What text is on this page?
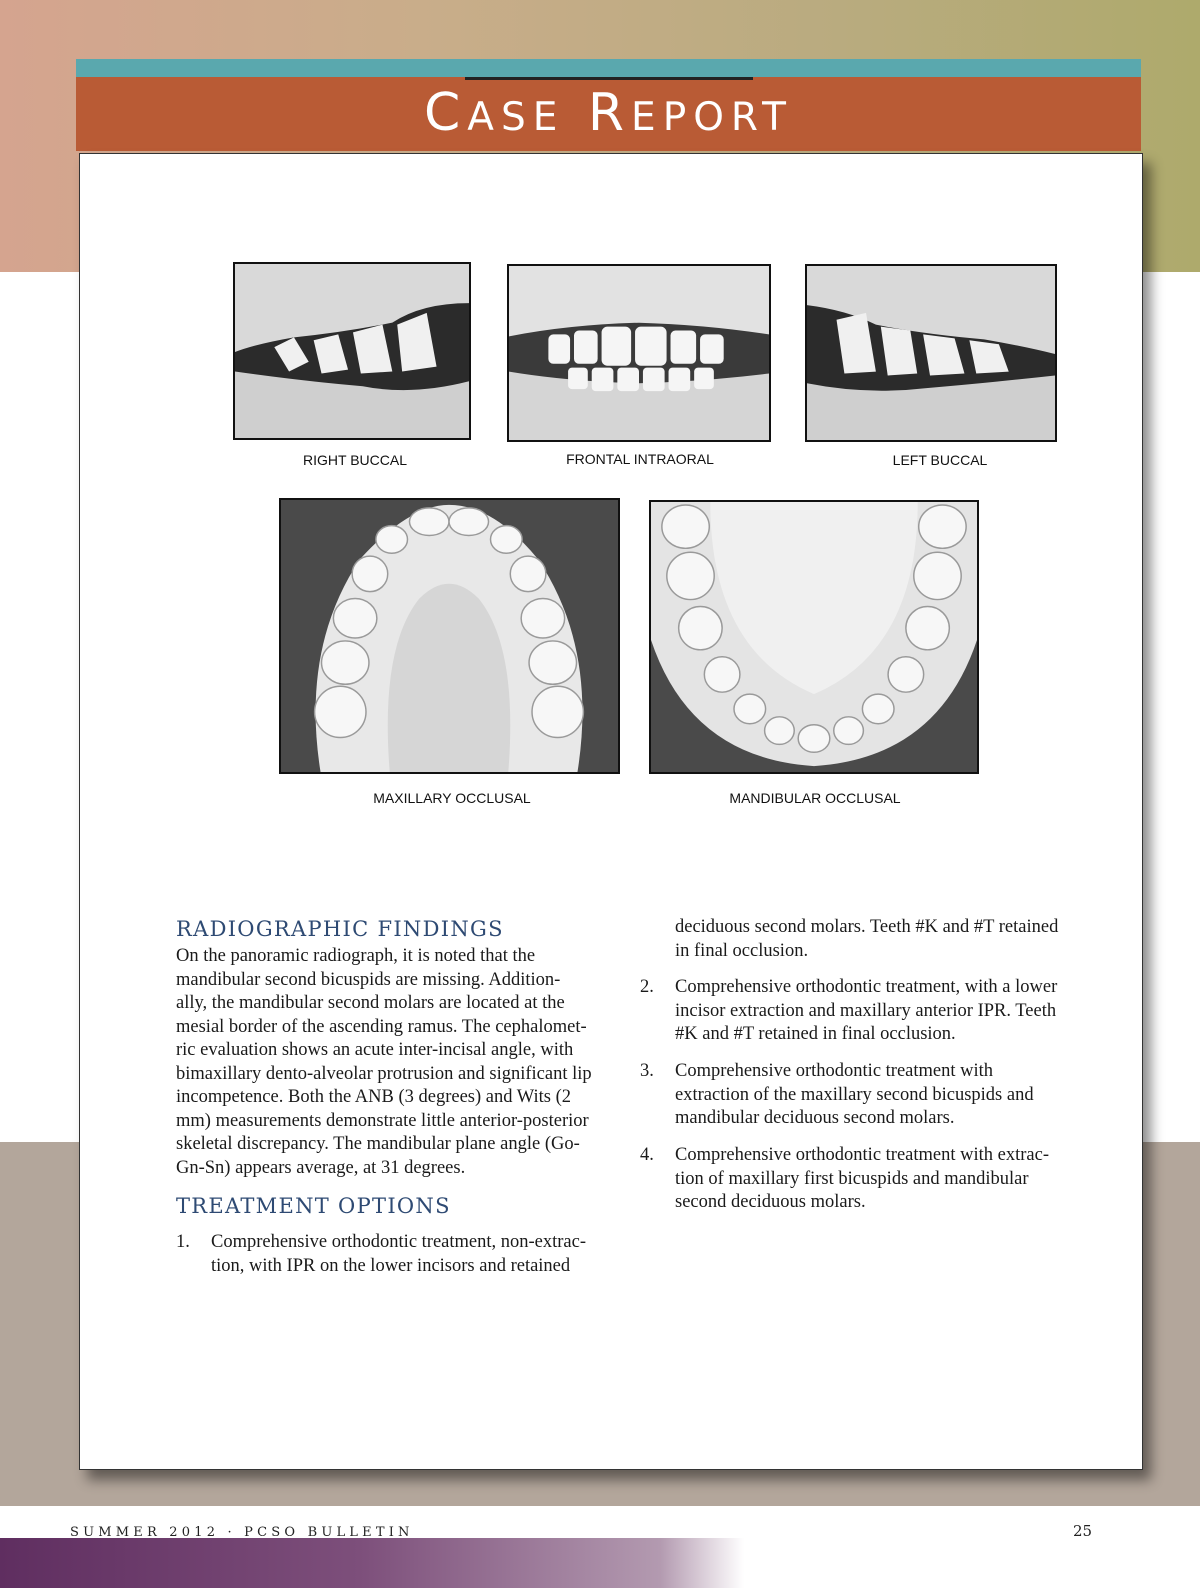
CASE REPORT
RIGHT BUCCAL	FRONTAL INTRAORAL	LEFT BUCCAL
MAXILLARY OCCLUSAL	MANDIBULAR OCCLUSAL
RADIOGRAPHIC FINDINGS
On the panoramic radiograph, it is noted that the
mandibular second bicuspids are missing. Addition-
ally, the mandibular second molars are located at the
mesial border of the ascending ramus. The cephalomet-
ric evaluation shows an acute inter-incisal angle, with
bimaxillary dento-alveolar protrusion and significant lip
incompetence. Both the ANB (3 degrees) and Wits (2
mm) measurements demonstrate little anterior-posterior
skeletal discrepancy. The mandibular plane angle (Go-
Gn-Sn) appears average, at 31 degrees.
TREATMENT OPTIONS
1. Comprehensive orthodontic treatment, non-extrac-
tion, with IPR on the lower incisors and retained
deciduous second molars. Teeth #K and #T retained
in final occlusion.
2. Comprehensive orthodontic treatment, with a lower
incisor extraction and maxillary anterior IPR. Teeth
#K and #T retained in final occlusion.
3. Comprehensive orthodontic treatment with
extraction of the maxillary second bicuspids and
mandibular deciduous second molars.
4. Comprehensive orthodontic treatment with extrac-
tion of maxillary first bicuspids and mandibular
second deciduous molars.
SUMMER 2012 · PCSO BULLETIN	25
